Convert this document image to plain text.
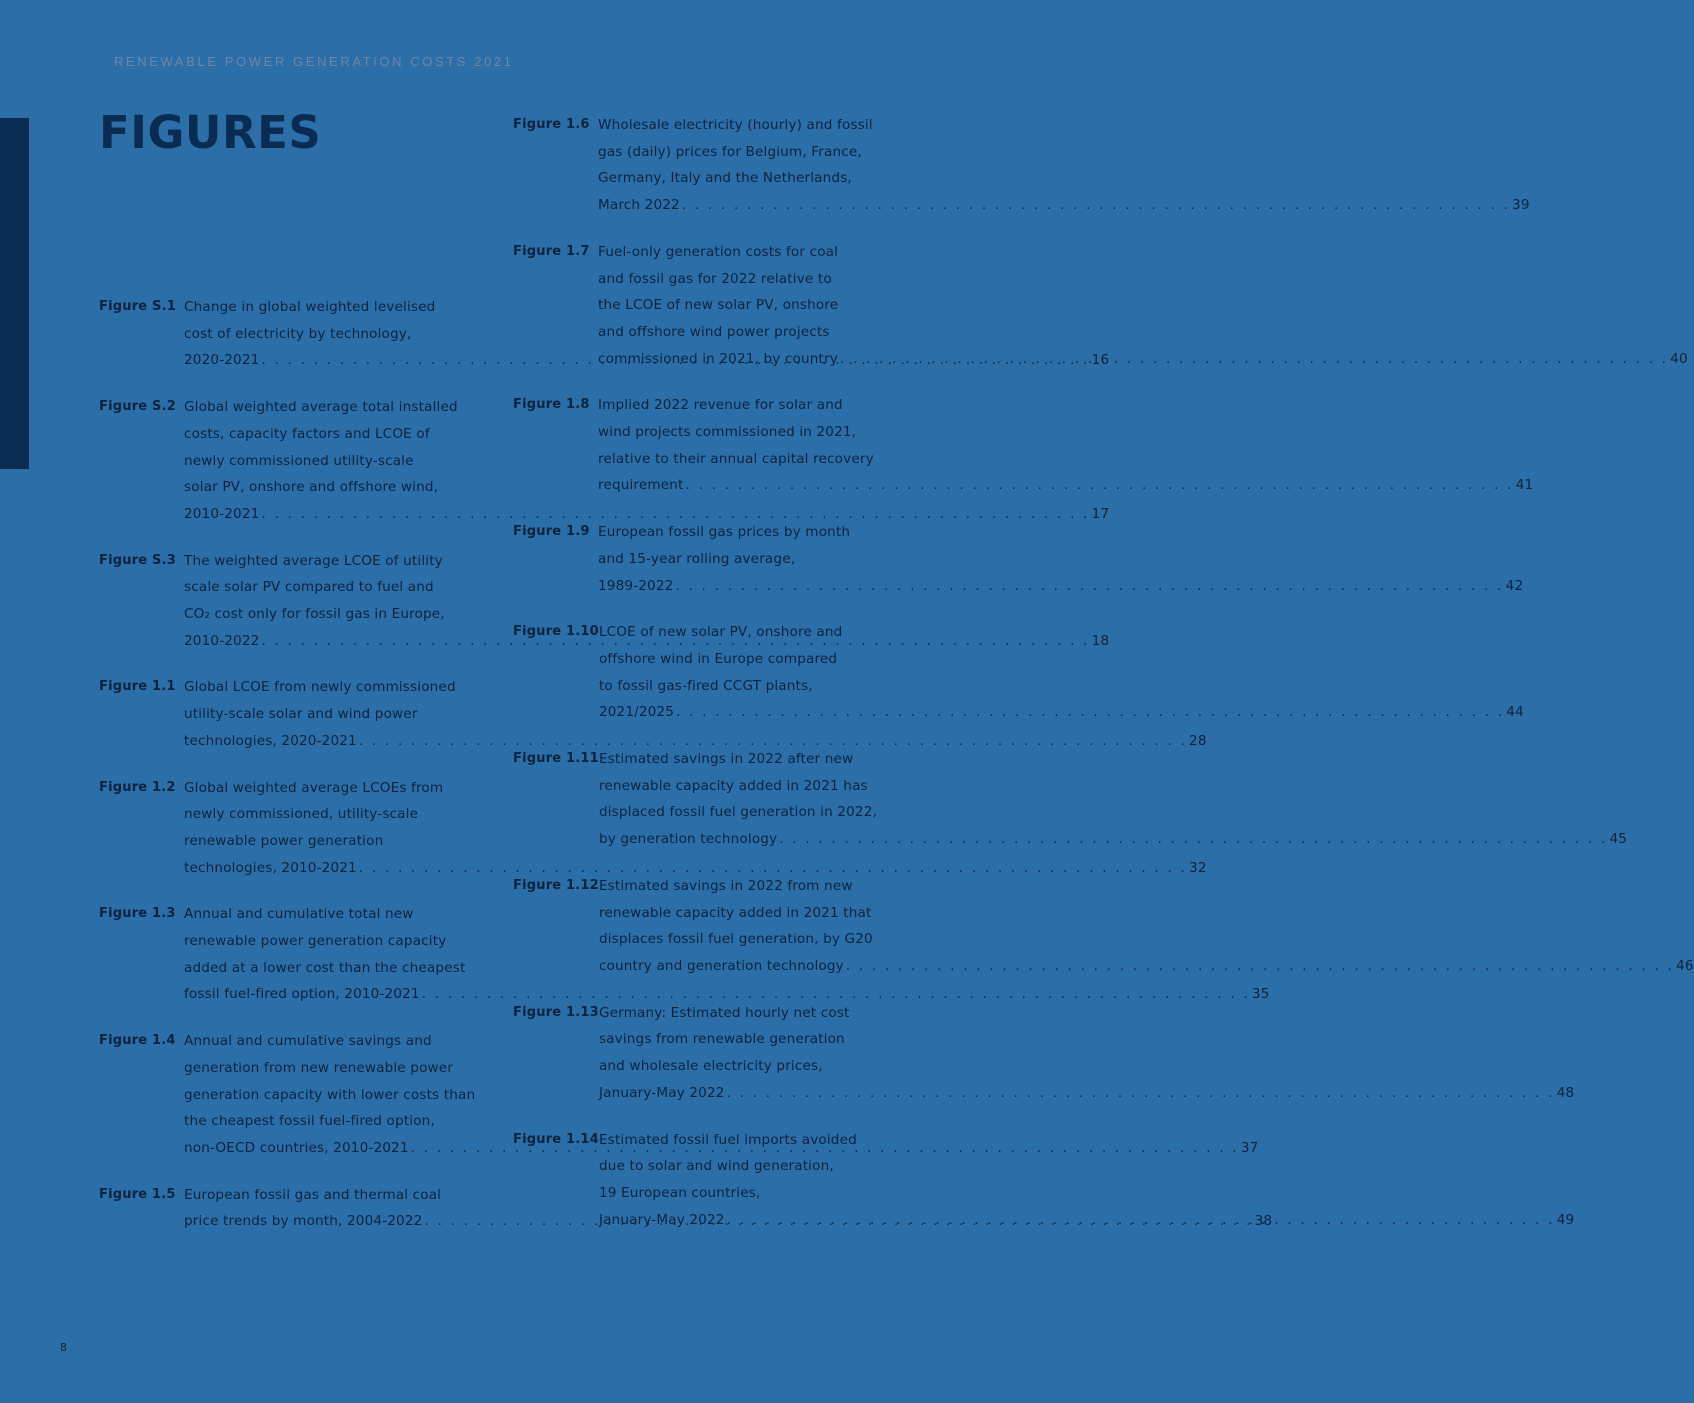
RENEWABLE POWER GENERATION COSTS 2021
FIGURES
Figure S.1 Change in global weighted levelised
cost of electricity by technology,
2020-2021 . . .	16
Figure S.2 Global weighted average total installed
costs, capacity factors and LCOE of
newly commissioned utility-scale
solar PV, onshore and offshore wind,
2010-2021 . . .	17
Figure S.3 The weighted average LCOE of utility
scale solar PV compared to fuel and
CO₂ cost only for fossil gas in Europe,
2010-2022 . . .	18
Figure 1.1 Global LCOE from newly commissioned
utility-scale solar and wind power
technologies, 2020-2021 . . .	28
Figure 1.2 Global weighted average LCOEs from
newly commissioned, utility-scale
renewable power generation
technologies, 2010-2021 . . .	32
Figure 1.3 Annual and cumulative total new
renewable power generation capacity
added at a lower cost than the cheapest
fossil fuel-fired option, 2010-2021 . . .	35
Figure 1.4 Annual and cumulative savings and
generation from new renewable power
generation capacity with lower costs than
the cheapest fossil fuel-fired option,
non-OECD countries, 2010-2021 . . .	37
Figure 1.5 European fossil gas and thermal coal
price trends by month, 2004-2022 . . .	38
Figure 1.6 Wholesale electricity (hourly) and fossil
gas (daily) prices for Belgium, France,
Germany, Italy and the Netherlands,
March 2022 . . .	39
Figure 1.7 Fuel-only generation costs for coal
and fossil gas for 2022 relative to
the LCOE of new solar PV, onshore
and offshore wind power projects
commissioned in 2021, by country . . .	40
Figure 1.8 Implied 2022 revenue for solar and
wind projects commissioned in 2021,
relative to their annual capital recovery
requirement . . .	41
Figure 1.9 European fossil gas prices by month
and 15-year rolling average,
1989-2022 . . .	42
Figure 1.10 LCOE of new solar PV, onshore and
offshore wind in Europe compared
to fossil gas-fired CCGT plants,
2021/2025 . . .	44
Figure 1.11 Estimated savings in 2022 after new
renewable capacity added in 2021 has
displaced fossil fuel generation in 2022,
by generation technology . . .	45
Figure 1.12 Estimated savings in 2022 from new
renewable capacity added in 2021 that
displaces fossil fuel generation, by G20
country and generation technology . . .	46
Figure 1.13 Germany: Estimated hourly net cost
savings from renewable generation
and wholesale electricity prices,
January-May 2022 . . .	48
Figure 1.14 Estimated fossil fuel imports avoided
due to solar and wind generation,
19 European countries,
January-May 2022 . . .	49
8
